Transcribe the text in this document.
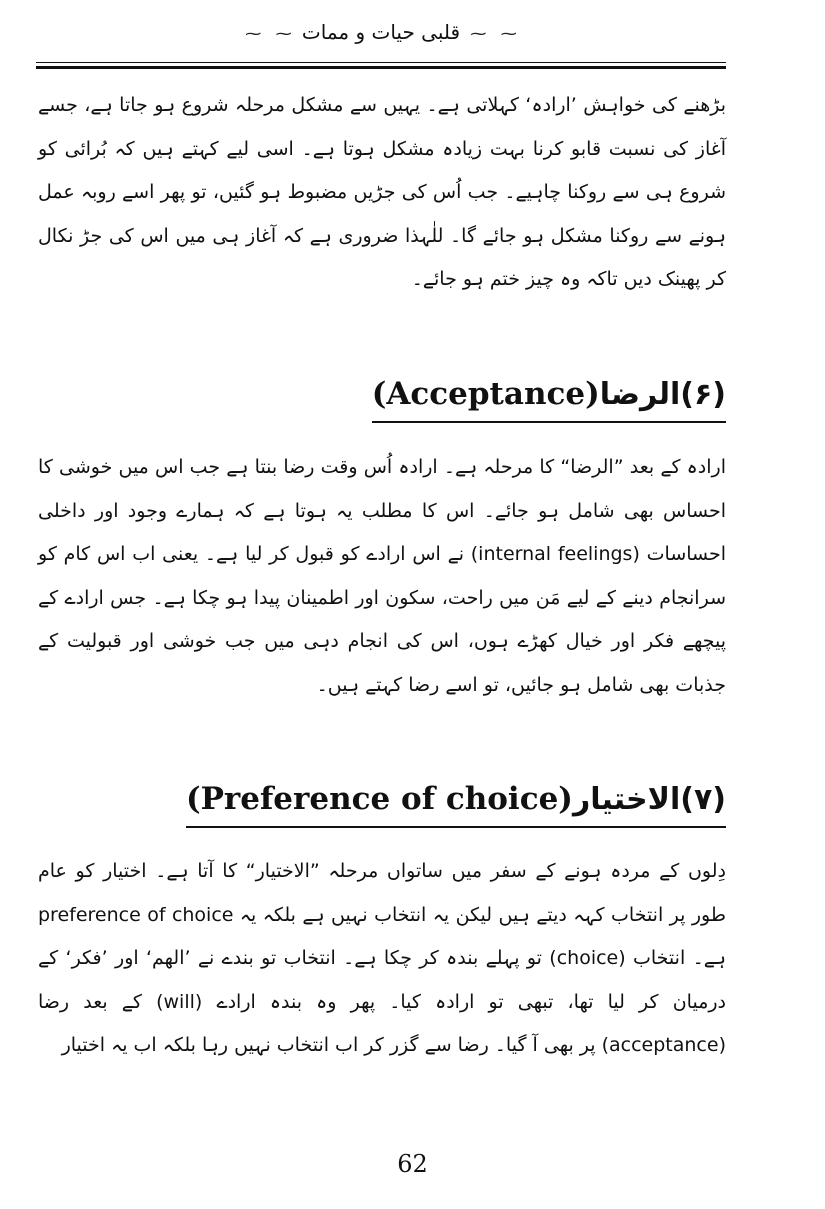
⁓ ⁓ قلبی حیات و ممات ⁓ ⁓

بڑھنے کی خواہش ’ارادہ‘ کہلاتی ہے۔ یہیں سے مشکل مرحلہ شروع ہو جاتا ہے، جسے آغاز کی نسبت قابو کرنا بہت زیادہ مشکل ہوتا ہے۔ اسی لیے کہتے ہیں کہ بُرائی کو شروع ہی سے روکنا چاہیے۔ جب اُس کی جڑیں مضبوط ہو گئیں، تو پھر اسے روبہ عمل ہونے سے روکنا مشکل ہو جائے گا۔ للٰہذا ضروری ہے کہ آغاز ہی میں اس کی جڑ نکال کر پھینک دیں تاکہ وہ چیز ختم ہو جائے۔

(۶)الرضا(Acceptance)

ارادہ کے بعد ”الرضا“ کا مرحلہ ہے۔ ارادہ اُس وقت رضا بنتا ہے جب اس میں خوشی کا احساس بھی شامل ہو جائے۔ اس کا مطلب یہ ہوتا ہے کہ ہمارے وجود اور داخلی احساسات (internal feelings) نے اس ارادے کو قبول کر لیا ہے۔ یعنی اب اس کام کو سرانجام دینے کے لیے مَن میں راحت، سکون اور اطمینان پیدا ہو چکا ہے۔ جس ارادے کے پیچھے فکر اور خیال کھڑے ہوں، اس کی انجام دہی میں جب خوشی اور قبولیت کے جذبات بھی شامل ہو جائیں، تو اسے رضا کہتے ہیں۔

(۷)الاختیار(Preference of choice)

دِلوں کے مردہ ہونے کے سفر میں ساتواں مرحلہ ”الاختیار“ کا آتا ہے۔ اختیار کو عام طور پر انتخاب کہہ دیتے ہیں لیکن یہ انتخاب نہیں ہے بلکہ یہ preference of choice ہے۔ انتخاب (choice) تو پہلے بندہ کر چکا ہے۔ انتخاب تو بندے نے ’الھم‘ اور ’فکر‘ کے درمیان کر لیا تھا، تبھی تو ارادہ کیا۔ پھر وہ بندہ ارادے (will) کے بعد رضا (acceptance) پر بھی آ گیا۔ رضا سے گزر کر اب انتخاب نہیں رہا بلکہ اب یہ اختیار

62
